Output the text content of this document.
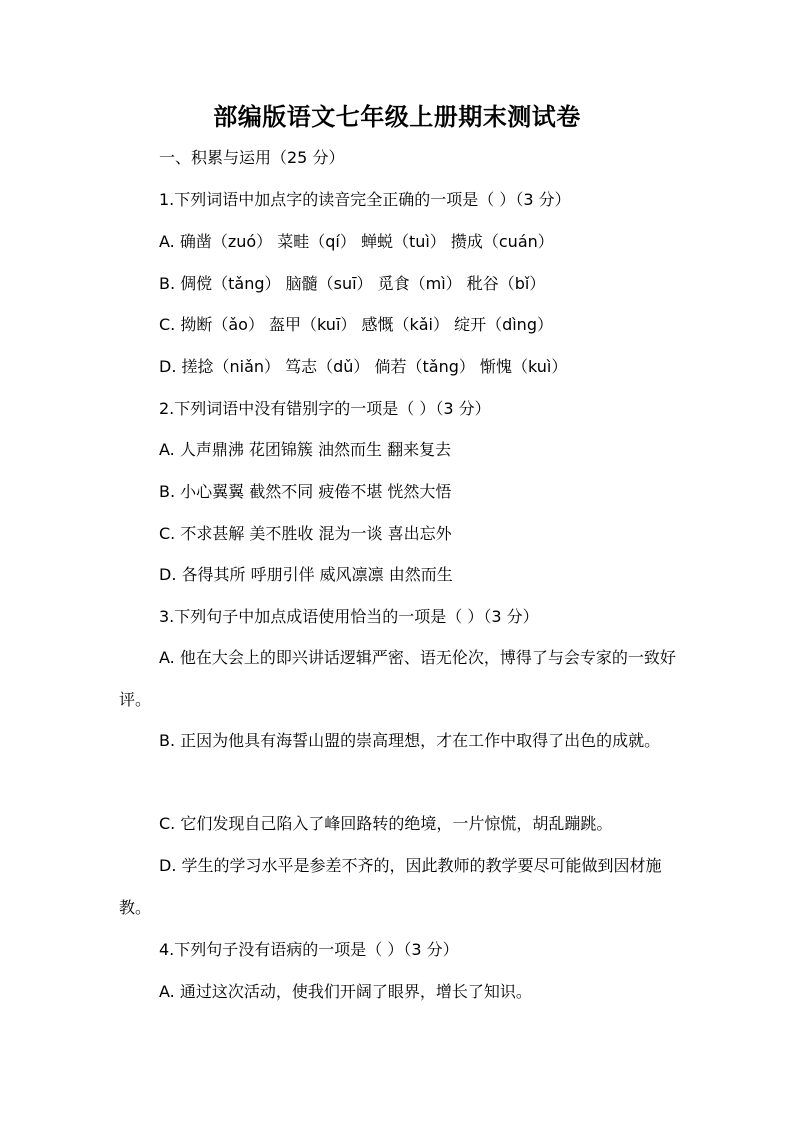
部编版语文七年级上册期末测试卷
一、积累与运用（25 分）
1.下列词语中加点字的读音完全正确的一项是（ ）（3 分）
A. 确凿（zuó） 菜畦（qí） 蝉蜕（tuì） 攒成（cuán）
B. 倜傥（tǎng） 脑髓（suī） 觅食（mì） 秕谷（bǐ）
C. 拗断（ǎo） 盔甲（kuī） 感慨（kǎi） 绽开（dìng）
D. 搓捻（niǎn） 笃志（dǔ） 倘若（tǎng） 惭愧（kuì）
2.下列词语中没有错别字的一项是（ ）（3 分）
A. 人声鼎沸 花团锦簇 油然而生 翻来复去
B. 小心翼翼 截然不同 疲倦不堪 恍然大悟
C. 不求甚解 美不胜收 混为一谈 喜出忘外
D. 各得其所 呼朋引伴 威风凛凛 由然而生
3.下列句子中加点成语使用恰当的一项是（ ）（3 分）
A. 他在大会上的即兴讲话逻辑严密、语无伦次，博得了与会专家的一致好评。
B. 正因为他具有海誓山盟的崇高理想，才在工作中取得了出色的成就。
C. 它们发现自己陷入了峰回路转的绝境，一片惊慌，胡乱蹦跳。
D. 学生的学习水平是参差不齐的，因此教师的教学要尽可能做到因材施教。
4.下列句子没有语病的一项是（ ）（3 分）
A. 通过这次活动，使我们开阔了眼界，增长了知识。
